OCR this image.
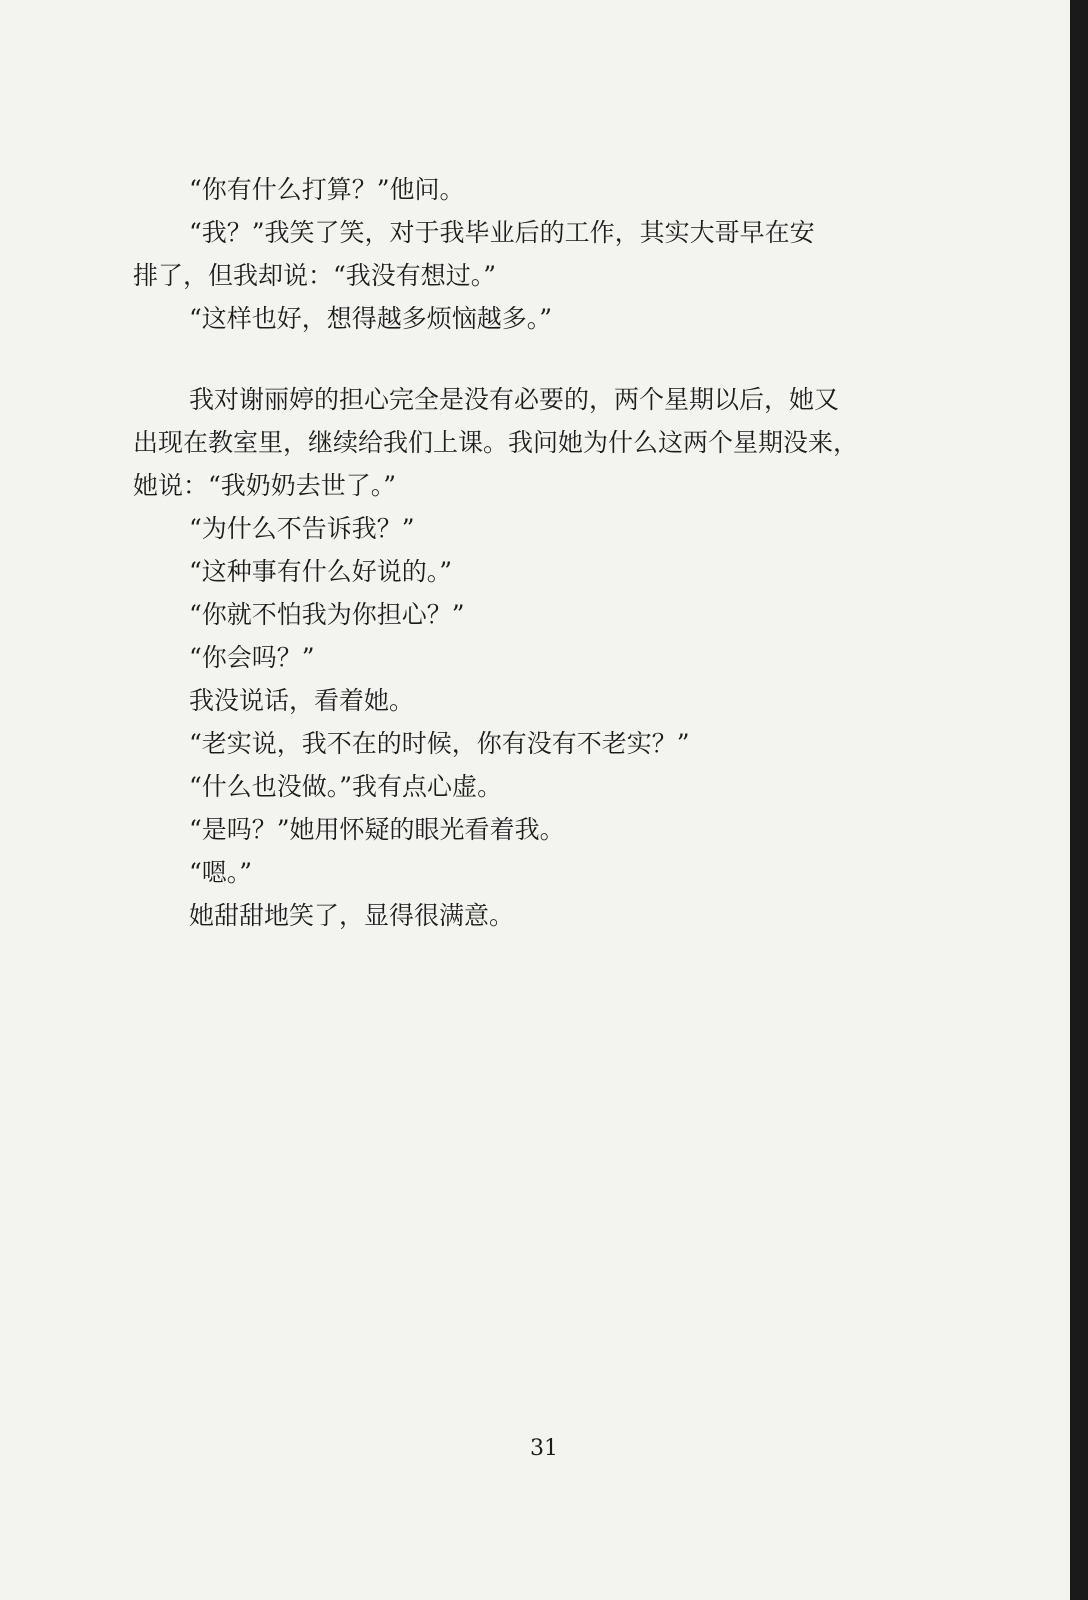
“你有什么打算？”他问。
“我？”我笑了笑，对于我毕业后的工作，其实大哥早在安
排了，但我却说：“我没有想过。”
“这样也好，想得越多烦恼越多。”
我对谢丽婷的担心完全是没有必要的，两个星期以后，她又
出现在教室里，继续给我们上课。我问她为什么这两个星期没来，
她说：“我奶奶去世了。”
“为什么不告诉我？”
“这种事有什么好说的。”
“你就不怕我为你担心？”
“你会吗？”
我没说话，看着她。
“老实说，我不在的时候，你有没有不老实？”
“什么也没做。”我有点心虚。
“是吗？”她用怀疑的眼光看着我。
“嗯。”
她甜甜地笑了，显得很满意。
31
